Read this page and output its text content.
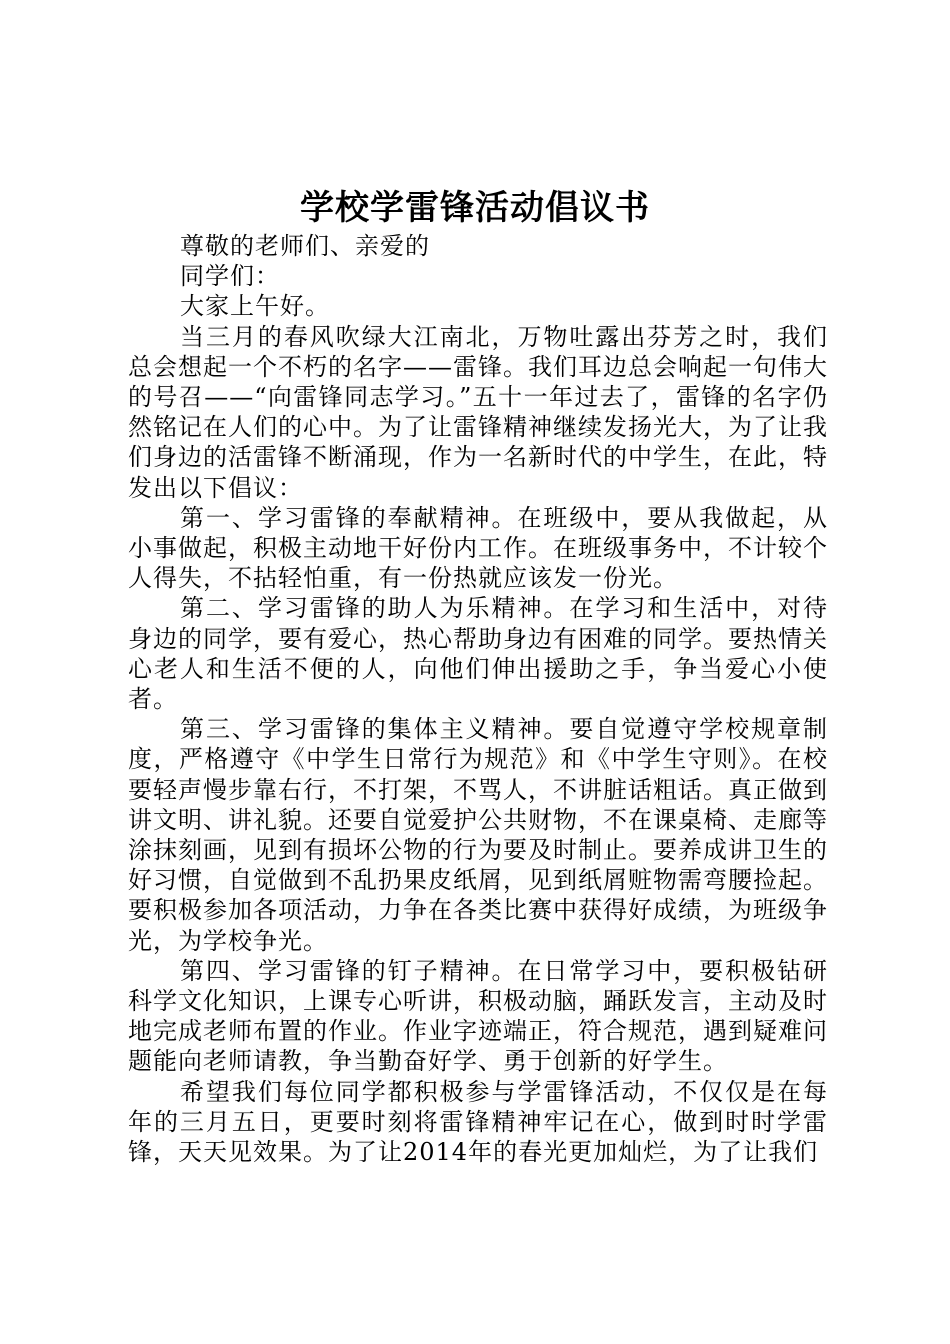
学校学雷锋活动倡议书
尊敬的老师们、亲爱的
同学们：
大家上午好。

当三月的春风吹绿大江南北，万物吐露出芬芳之时，我们总会想起一个不朽的名字——雷锋。我们耳边总会响起一句伟大的号召——“向雷锋同志学习。”五十一年过去了，雷锋的名字仍然铭记在人们的心中。为了让雷锋精神继续发扬光大，为了让我们身边的活雷锋不断涌现，作为一名新时代的中学生，在此，特发出以下倡议：

第一、学习雷锋的奉献精神。在班级中，要从我做起，从小事做起，积极主动地干好份内工作。在班级事务中，不计较个人得失，不拈轻怕重，有一份热就应该发一份光。

第二、学习雷锋的助人为乐精神。在学习和生活中，对待身边的同学，要有爱心，热心帮助身边有困难的同学。要热情关心老人和生活不便的人，向他们伸出援助之手，争当爱心小使者。

第三、学习雷锋的集体主义精神。要自觉遵守学校规章制度，严格遵守《中学生日常行为规范》和《中学生守则》。在校要轻声慢步靠右行，不打架，不骂人，不讲脏话粗话。真正做到讲文明、讲礼貌。还要自觉爱护公共财物，不在课桌椅、走廊等涂抹刻画，见到有损坏公物的行为要及时制止。要养成讲卫生的好习惯，自觉做到不乱扔果皮纸屑，见到纸屑赃物需弯腰捡起。要积极参加各项活动，力争在各类比赛中获得好成绩，为班级争光，为学校争光。

第四、学习雷锋的钉子精神。在日常学习中，要积极钻研科学文化知识，上课专心听讲，积极动脑，踊跃发言，主动及时地完成老师布置的作业。作业字迹端正，符合规范，遇到疑难问题能向老师请教，争当勤奋好学、勇于创新的好学生。

希望我们每位同学都积极参与学雷锋活动，不仅仅是在每年的三月五日，更要时刻将雷锋精神牢记在心，做到时时学雷锋，天天见效果。为了让2014年的春光更加灿烂，为了让我们
